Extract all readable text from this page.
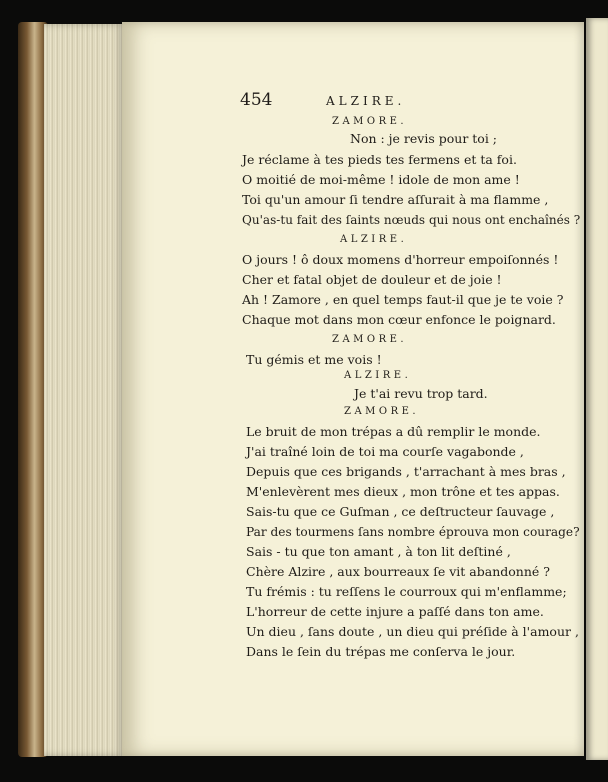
454	ALZIRE.
ZAMORE.
Non : je revis pour toi ;
Je réclame à tes pieds tes fermens et ta foi.
O moitié de moi-même ! idole de mon ame !
Toi qu'un amour ſi tendre aſſurait à ma flamme ,
Qu'as-tu fait des ſaints nœuds qui nous ont enchaînés ?
ALZIRE.
O jours ! ô doux momens d'horreur empoiſonnés !
Cher et fatal objet de douleur et de joie !
Ah ! Zamore , en quel temps faut-il que je te voie ?
Chaque mot dans mon cœur enfonce le poignard.
ZAMORE.
Tu gémis et me vois !
ALZIRE.
Je t'ai revu trop tard.
ZAMORE.
Le bruit de mon trépas a dû remplir le monde.
J'ai traîné loin de toi ma courſe vagabonde ,
Depuis que ces brigands , t'arrachant à mes bras ,
M'enlevèrent mes dieux , mon trône et tes appas.
Sais-tu que ce Guſman , ce deſtructeur ſauvage ,
Par des tourmens ſans nombre éprouva mon courage?
Sais - tu que ton amant , à ton lit deſtiné ,
Chère Alzire , aux bourreaux ſe vit abandonné ?
Tu frémis : tu reſſens le courroux qui m'enflamme;
L'horreur de cette injure a paſſé dans ton ame.
Un dieu , ſans doute , un dieu qui préſide à l'amour ,
Dans le ſein du trépas me conſerva le jour.
